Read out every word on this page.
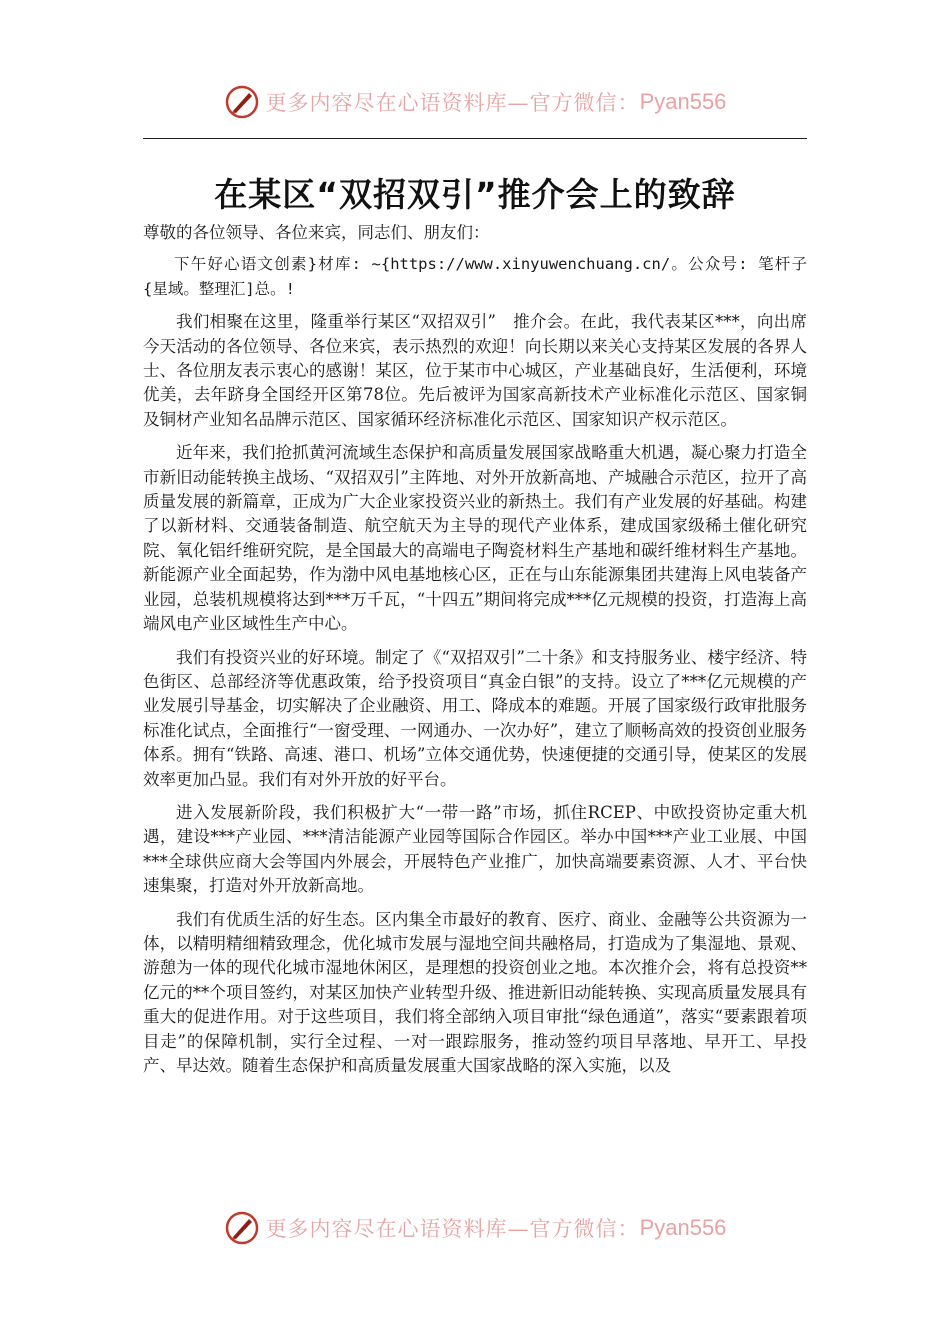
更多内容尽在心语资料库—官方微信： Pyan556
在某区“双招双引”推介会上的致辞

尊敬的各位领导、各位来宾，同志们、朋友们：

下午好心语文创素}材库: ~{https://www.xinyuwenchuang.cn/。公众号: 笔杆子{星域。整理汇]总。!

我们相聚在这里，隆重举行某区“双招双引”　推介会。在此，我代表某区***，向出席今天活动的各位领导、各位来宾，表示热烈的欢迎！向长期以来关心支持某区发展的各界人士、各位朋友表示衷心的感谢！某区，位于某市中心城区，产业基础良好，生活便利，环境优美，去年跻身全国经开区第78位。先后被评为国家高新技术产业标准化示范区、国家铜及铜材产业知名品牌示范区、国家循环经济标准化示范区、国家知识产权示范区。

近年来，我们抢抓黄河流域生态保护和高质量发展国家战略重大机遇，凝心聚力打造全市新旧动能转换主战场、“双招双引”主阵地、对外开放新高地、产城融合示范区，拉开了高质量发展的新篇章，正成为广大企业家投资兴业的新热土。我们有产业发展的好基础。构建了以新材料、交通装备制造、航空航天为主导的现代产业体系，建成国家级稀土催化研究院、氧化铝纤维研究院，是全国最大的高端电子陶瓷材料生产基地和碳纤维材料生产基地。新能源产业全面起势，作为渤中风电基地核心区，正在与山东能源集团共建海上风电装备产业园，总装机规模将达到***万千瓦，“十四五”期间将完成***亿元规模的投资，打造海上高端风电产业区域性生产中心。

我们有投资兴业的好环境。制定了《“双招双引”二十条》和支持服务业、楼宇经济、特色街区、总部经济等优惠政策，给予投资项目“真金白银”的支持。设立了***亿元规模的产业发展引导基金，切实解决了企业融资、用工、降成本的难题。开展了国家级行政审批服务标准化试点，全面推行“一窗受理、一网通办、一次办好”，建立了顺畅高效的投资创业服务体系。拥有“铁路、高速、港口、机场”立体交通优势，快速便捷的交通引导，使某区的发展效率更加凸显。我们有对外开放的好平台。

进入发展新阶段，我们积极扩大“一带一路”市场，抓住RCEP、中欧投资协定重大机遇，建设***产业园、***清洁能源产业园等国际合作园区。举办中国***产业工业展、中国***全球供应商大会等国内外展会，开展特色产业推广，加快高端要素资源、人才、平台快速集聚，打造对外开放新高地。

我们有优质生活的好生态。区内集全市最好的教育、医疗、商业、金融等公共资源为一体，以精明精细精致理念，优化城市发展与湿地空间共融格局，打造成为了集湿地、景观、游憩为一体的现代化城市湿地休闲区，是理想的投资创业之地。本次推介会，将有总投资**亿元的**个项目签约，对某区加快产业转型升级、推进新旧动能转换、实现高质量发展具有重大的促进作用。对于这些项目，我们将全部纳入项目审批“绿色通道”，落实“要素跟着项目走”的保障机制，实行全过程、一对一跟踪服务，推动签约项目早落地、早开工、早投产、早达效。随着生态保护和高质量发展重大国家战略的深入实施，以及

更多内容尽在心语资料库—官方微信： Pyan556
